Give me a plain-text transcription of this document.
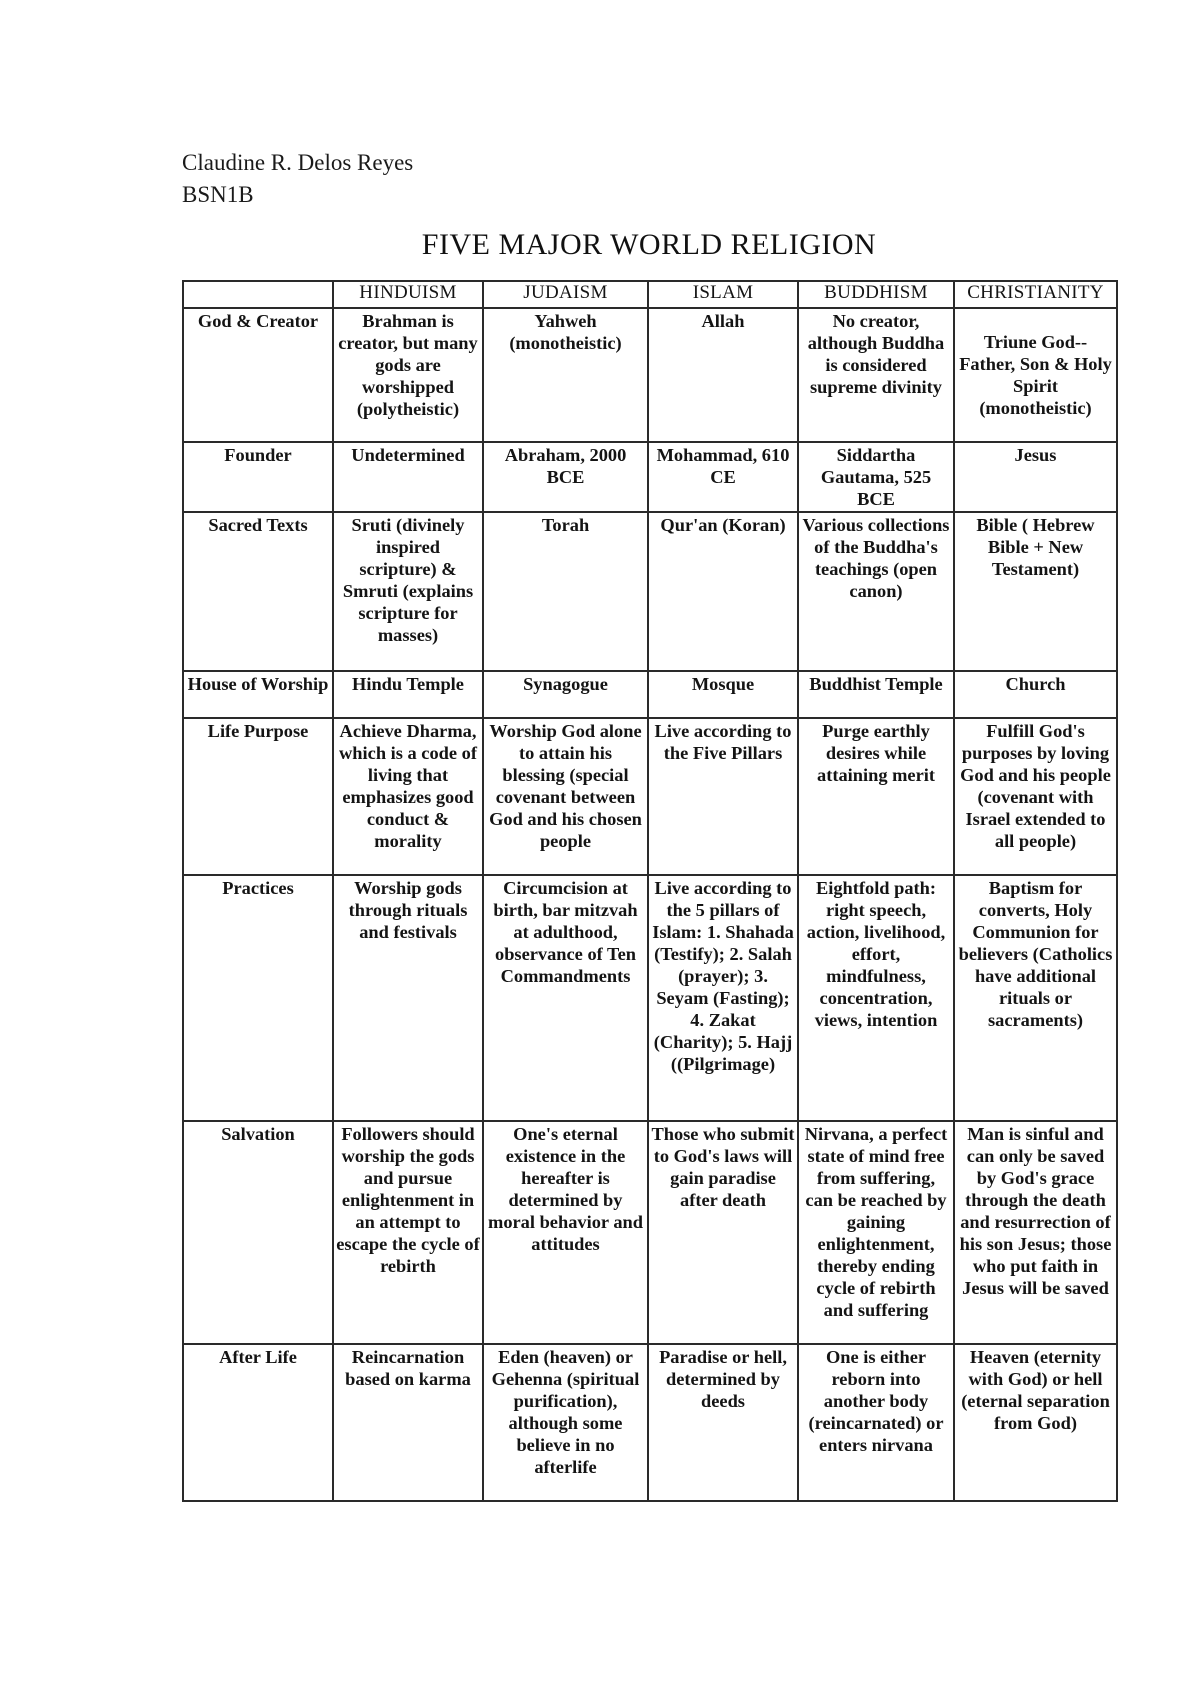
Claudine R. Delos Reyes
BSN1B
FIVE MAJOR WORLD RELIGION
	HINDUISM	JUDAISM	ISLAM	BUDDHISM	CHRISTIANITY
God & Creator	Brahman is creator, but many gods are worshipped (polytheistic)	Yahweh (monotheistic)	Allah	No creator, although Buddha is considered supreme divinity	Triune God--Father, Son & Holy Spirit (monotheistic)
Founder	Undetermined	Abraham, 2000 BCE	Mohammad, 610 CE	Siddartha Gautama, 525 BCE	Jesus
Sacred Texts	Sruti (divinely inspired scripture) & Smruti (explains scripture for masses)	Torah	Qur'an (Koran)	Various collections of the Buddha's teachings (open canon)	Bible ( Hebrew Bible + New Testament)
House of Worship	Hindu Temple	Synagogue	Mosque	Buddhist Temple	Church
Life Purpose	Achieve Dharma, which is a code of living that emphasizes good conduct & morality	Worship God alone to attain his blessing (special covenant between God and his chosen people	Live according to the Five Pillars	Purge earthly desires while attaining merit	Fulfill God's purposes by loving God and his people (covenant with Israel extended to all people)
Practices	Worship gods through rituals and festivals	Circumcision at birth, bar mitzvah at adulthood, observance of Ten Commandments	Live according to the 5 pillars of Islam: 1. Shahada (Testify); 2. Salah (prayer); 3. Seyam (Fasting); 4. Zakat (Charity); 5. Hajj ((Pilgrimage)	Eightfold path: right speech, action, livelihood, effort, mindfulness, concentration, views, intention	Baptism for converts, Holy Communion for believers (Catholics have additional rituals or sacraments)
Salvation	Followers should worship the gods and pursue enlightenment in an attempt to escape the cycle of rebirth	One's eternal existence in the hereafter is determined by moral behavior and attitudes	Those who submit to God's laws will gain paradise after death	Nirvana, a perfect state of mind free from suffering, can be reached by gaining enlightenment, thereby ending cycle of rebirth and suffering	Man is sinful and can only be saved by God's grace through the death and resurrection of his son Jesus; those who put faith in Jesus will be saved
After Life	Reincarnation based on karma	Eden (heaven) or Gehenna (spiritual purification), although some believe in no afterlife	Paradise or hell, determined by deeds	One is either reborn into another body (reincarnated) or enters nirvana	Heaven (eternity with God) or hell (eternal separation from God)
